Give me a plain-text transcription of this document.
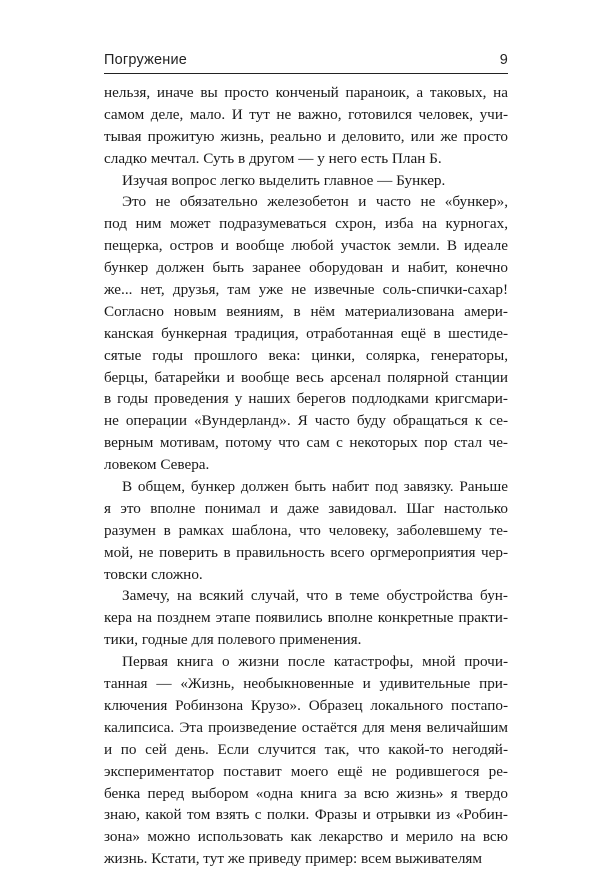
Погружение	9
нельзя, иначе вы просто конченый параноик, а таковых, на
самом деле, мало. И тут не важно, готовился человек, учи-
тывая прожитую жизнь, реально и деловито, или же просто
сладко мечтал. Суть в другом — у него есть План Б.
Изучая вопрос легко выделить главное — Бункер.
Это не обязательно железобетон и часто не «бункер»,
под ним может подразумеваться схрон, изба на курногах,
пещерка, остров и вообще любой участок земли. В идеале
бункер должен быть заранее оборудован и набит, конечно
же... нет, друзья, там уже не извечные соль-спички-сахар!
Согласно новым веяниям, в нём материализована амери-
канская бункерная традиция, отработанная ещё в шестиде-
сятые годы прошлого века: цинки, солярка, генераторы,
берцы, батарейки и вообще весь арсенал полярной станции
в годы проведения у наших берегов подлодками кригсмари-
не операции «Вундерланд». Я часто буду обращаться к се-
верным мотивам, потому что сам с некоторых пор стал че-
ловеком Севера.
В общем, бункер должен быть набит под завязку. Раньше
я это вполне понимал и даже завидовал. Шаг настолько
разумен в рамках шаблона, что человеку, заболевшему те-
мой, не поверить в правильность всего оргмероприятия чер-
товски сложно.
Замечу, на всякий случай, что в теме обустройства бун-
кера на позднем этапе появились вполне конкретные практи-
тики, годные для полевого применения.
Первая книга о жизни после катастрофы, мной прочи-
танная — «Жизнь, необыкновенные и удивительные при-
ключения Робинзона Крузо». Образец локального постапо-
калипсиса. Эта произведение остаётся для меня величайшим
и по сей день. Если случится так, что какой-то негодяй-
экспериментатор поставит моего ещё не родившегося ре-
бенка перед выбором «одна книга за всю жизнь» я твердо
знаю, какой том взять с полки. Фразы и отрывки из «Робин-
зона» можно использовать как лекарство и мерило на всю
жизнь. Кстати, тут же приведу пример: всем выживателям
